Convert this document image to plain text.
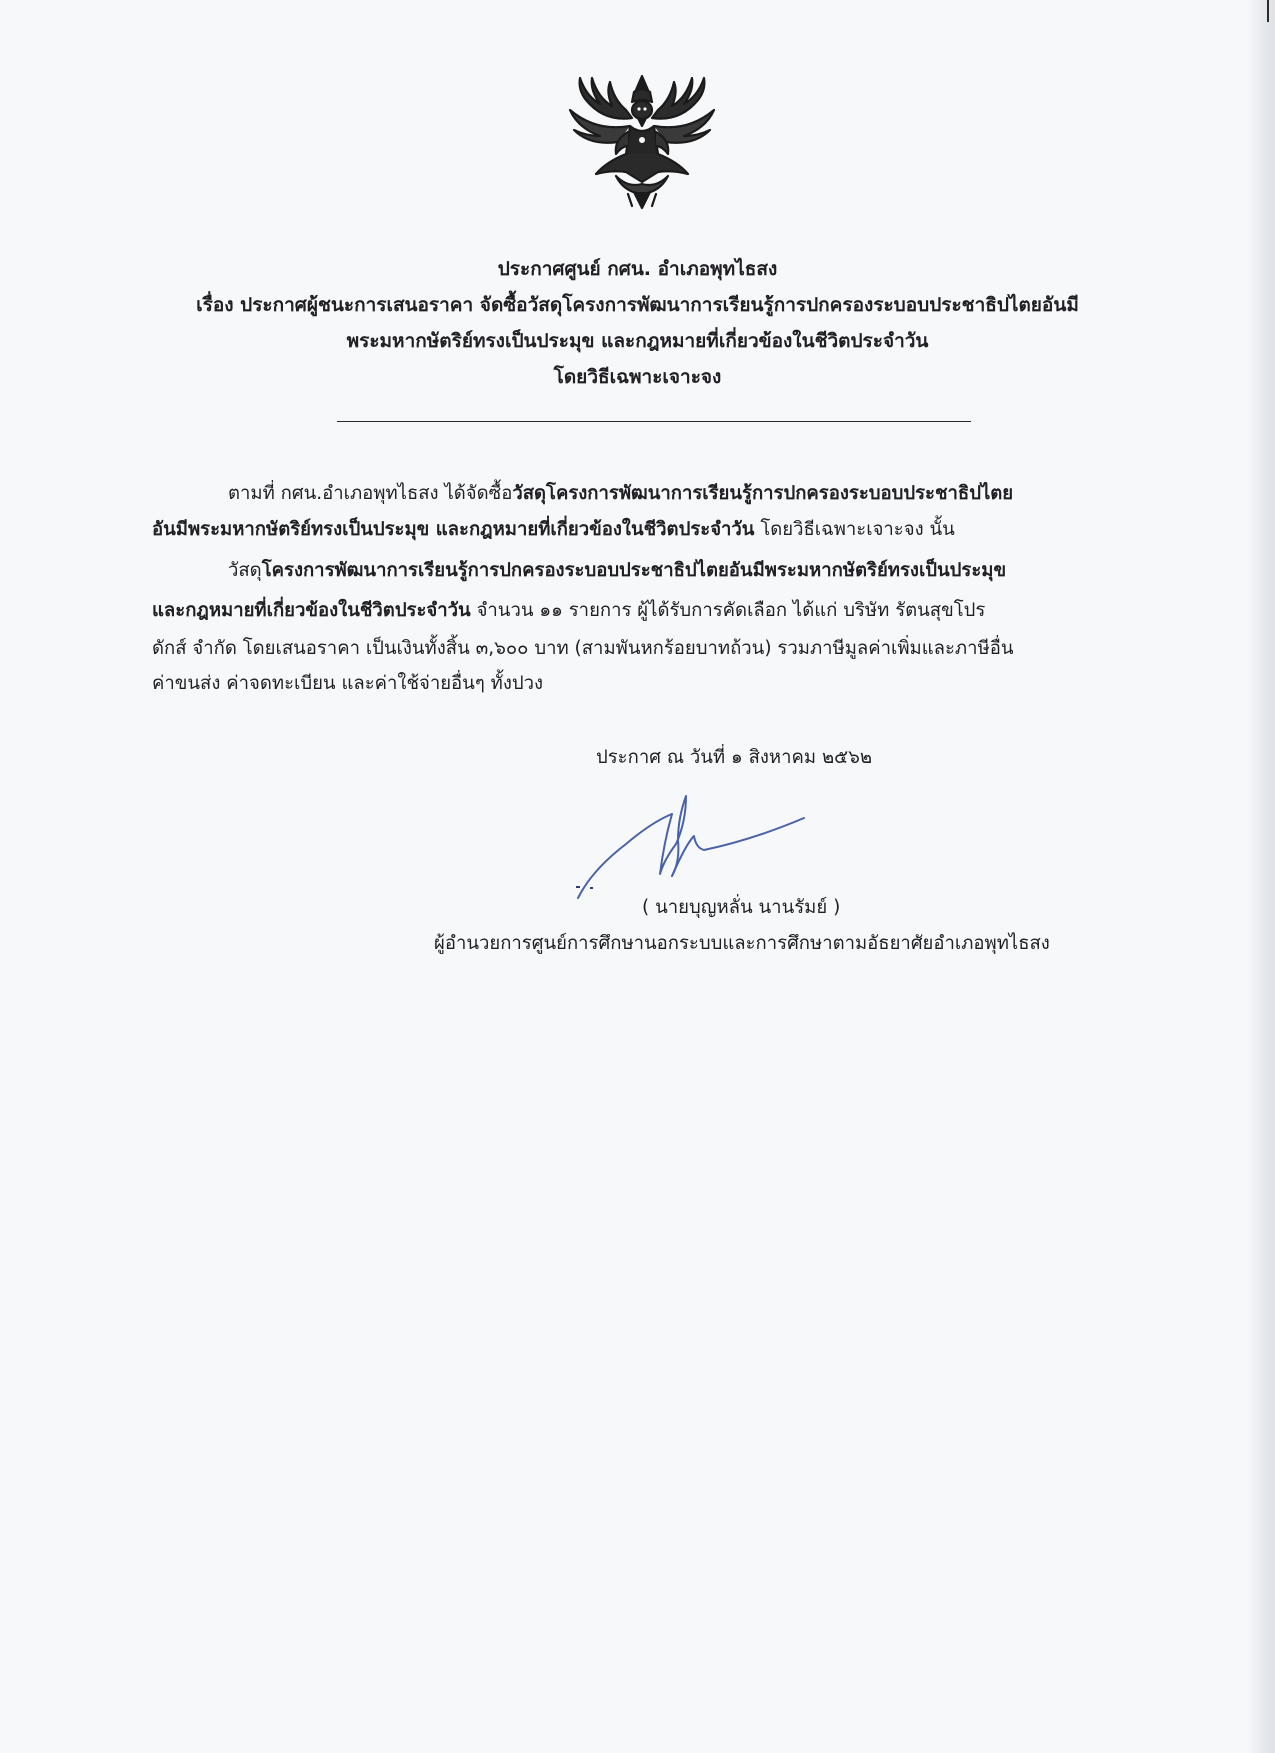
ประกาศศูนย์ กศน. อำเภอพุทไธสง
เรื่อง ประกาศผู้ชนะการเสนอราคา จัดซื้อวัสดุโครงการพัฒนาการเรียนรู้การปกครองระบอบประชาธิปไตยอันมี
พระมหากษัตริย์ทรงเป็นประมุข และกฎหมายที่เกี่ยวข้องในชีวิตประจำวัน
โดยวิธีเฉพาะเจาะจง
ตามที่ กศน.อำเภอพุทไธสง ได้จัดซื้อวัสดุโครงการพัฒนาการเรียนรู้การปกครองระบอบประชาธิปไตย
อันมีพระมหากษัตริย์ทรงเป็นประมุข และกฎหมายที่เกี่ยวข้องในชีวิตประจำวัน โดยวิธีเฉพาะเจาะจง นั้น
วัสดุโครงการพัฒนาการเรียนรู้การปกครองระบอบประชาธิปไตยอันมีพระมหากษัตริย์ทรงเป็นประมุข
และกฎหมายที่เกี่ยวข้องในชีวิตประจำวัน จำนวน ๑๑ รายการ ผู้ได้รับการคัดเลือก ได้แก่ บริษัท รัตนสุขโปร
ดักส์ จำกัด โดยเสนอราคา เป็นเงินทั้งสิ้น ๓,๖๐๐ บาท (สามพันหกร้อยบาทถ้วน) รวมภาษีมูลค่าเพิ่มและภาษีอื่น
ค่าขนส่ง ค่าจดทะเบียน และค่าใช้จ่ายอื่นๆ ทั้งปวง
ประกาศ ณ วันที่ ๑ สิงหาคม ๒๕๖๒
( นายบุญหลั่น นานรัมย์ )
ผู้อำนวยการศูนย์การศึกษานอกระบบและการศึกษาตามอัธยาศัยอำเภอพุทไธสง
